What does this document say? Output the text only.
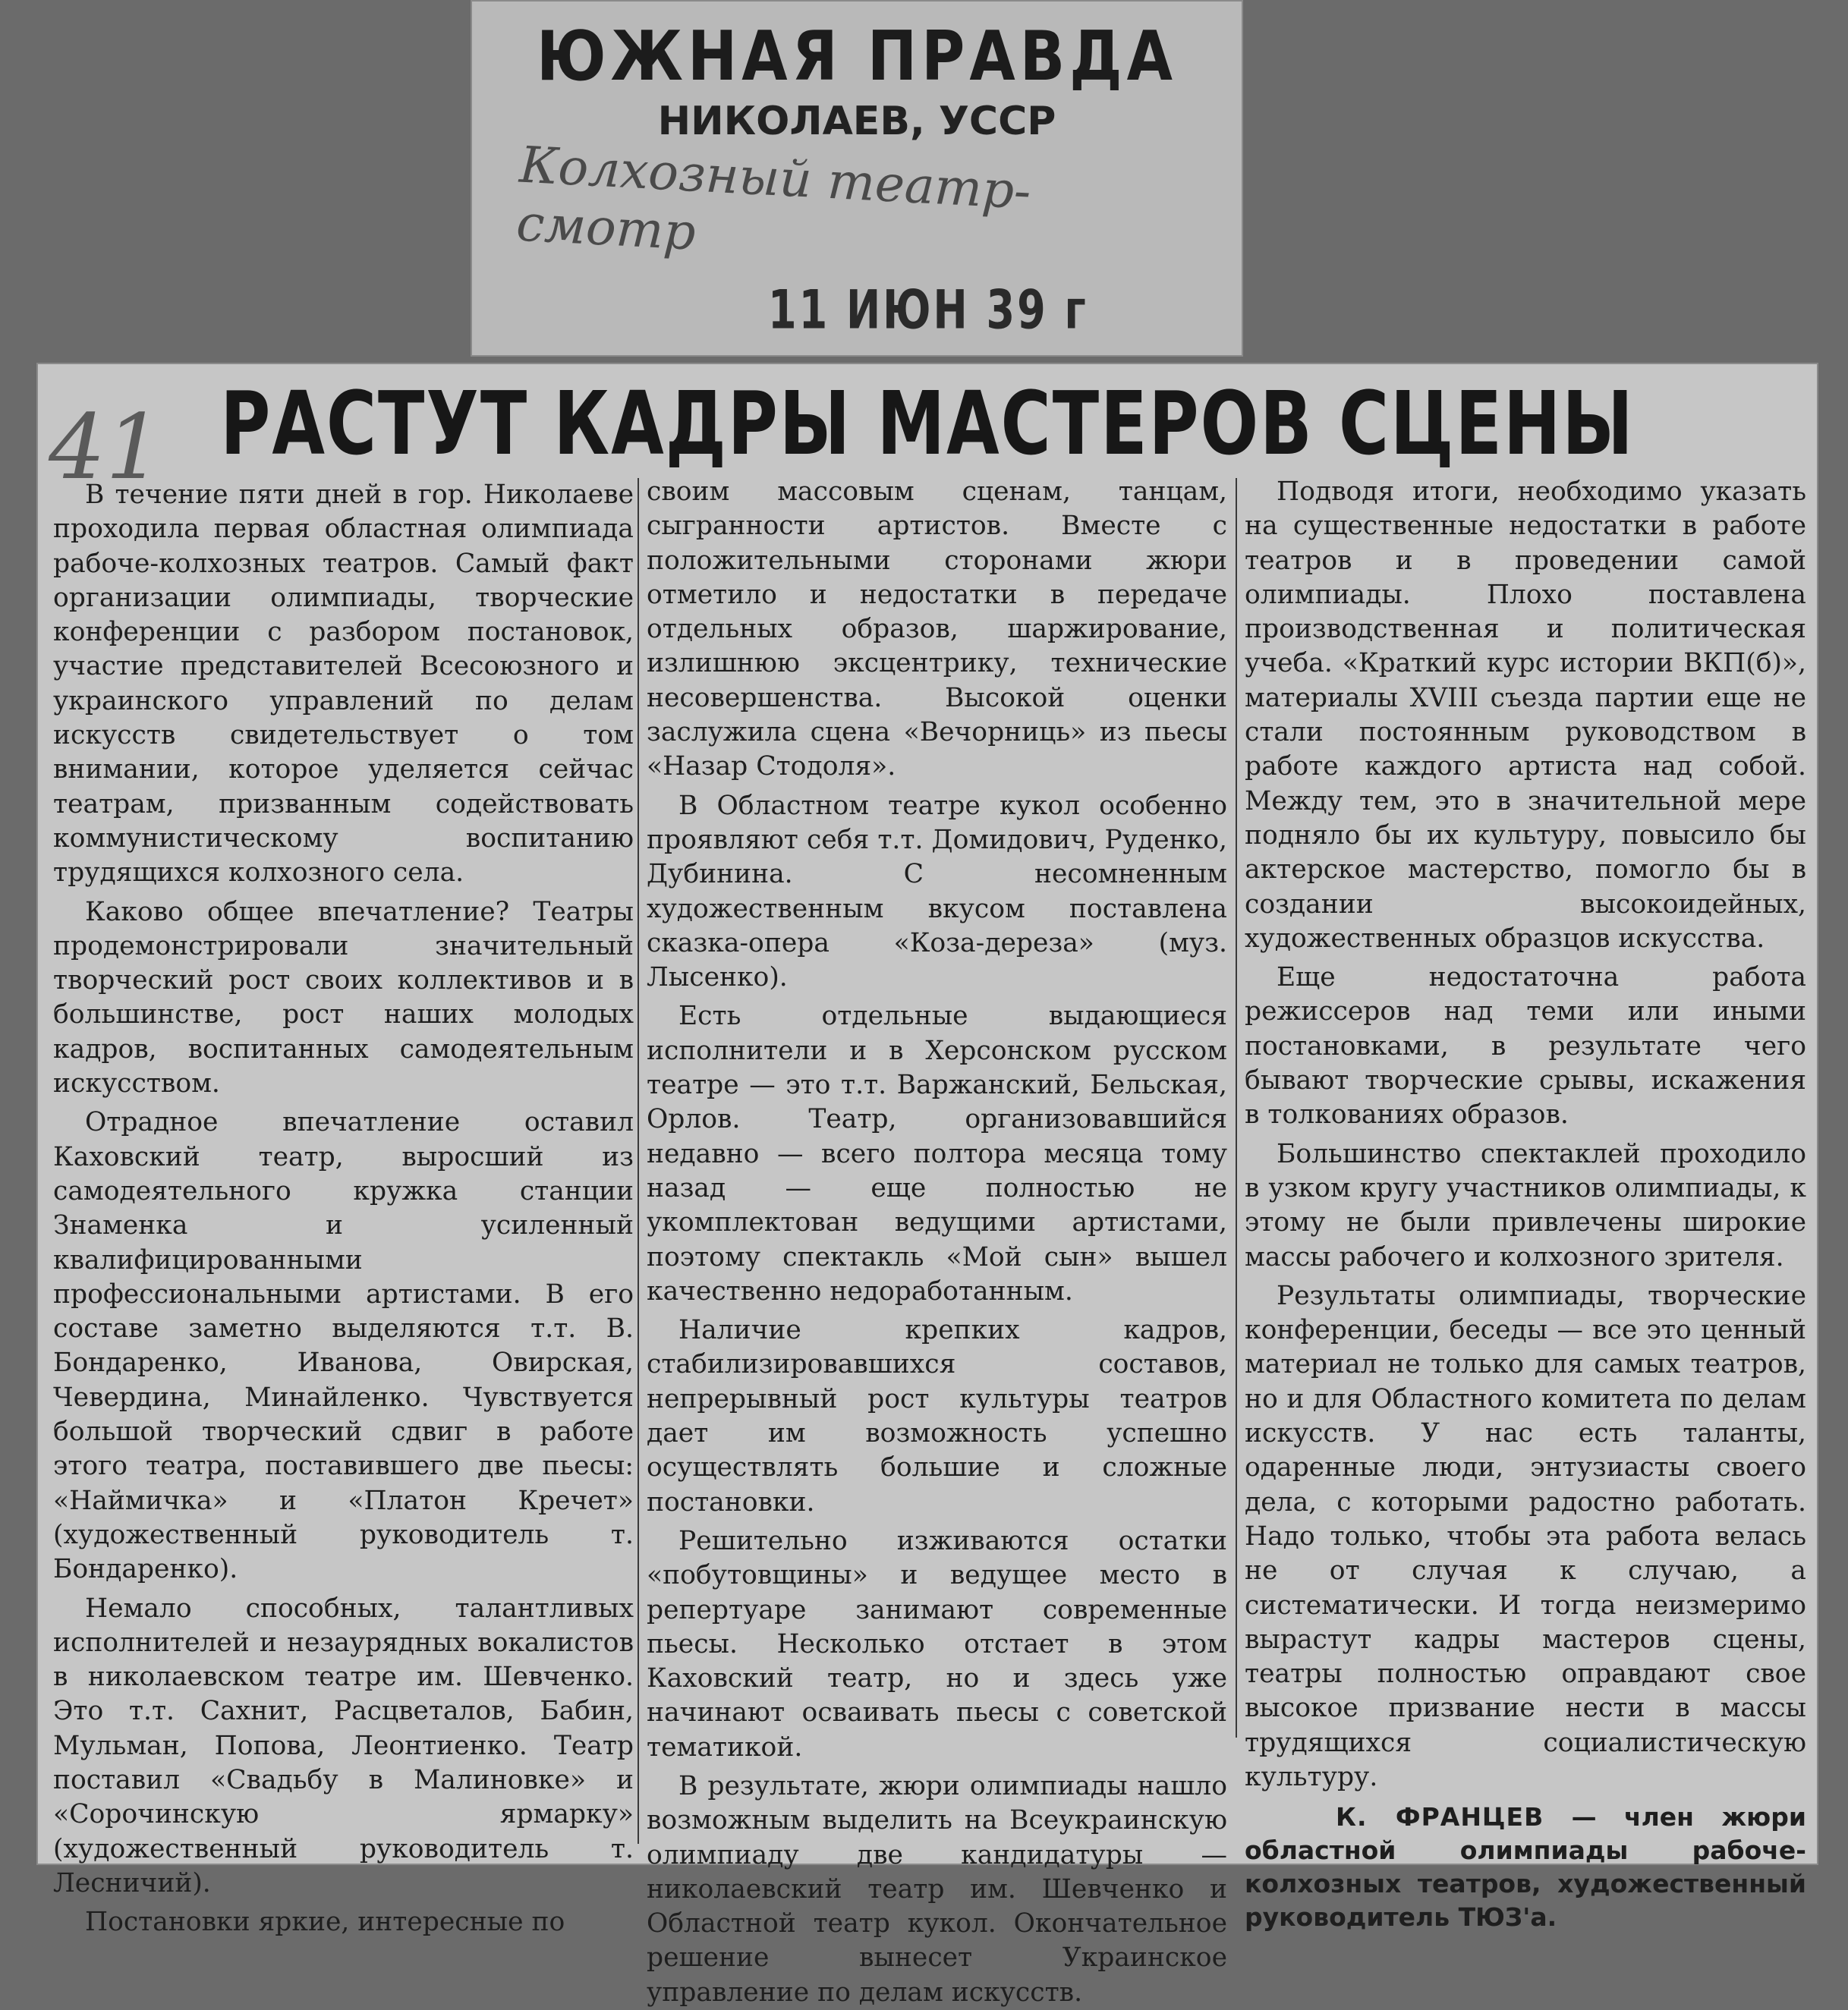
ЮЖНАЯ ПРАВДА
НИКОЛАЕВ, УССР
Колхозный театр-смотр
11 ИЮН 39 г
41 РАСТУТ КАДРЫ МАСТЕРОВ СЦЕНЫ

В течение пяти дней в гор. Николаеве проходила первая областная олимпиада рабоче-колхозных театров. Самый факт организации олимпиады, творческие конференции с разбором постановок, участие представителей Всесоюзного и украинского управлений по делам искусств свидетельствует о том внимании, которое уделяется сейчас театрам, призванным содействовать коммунистическому воспитанию трудящихся колхозного села.

Каково общее впечатление? Театры продемонстрировали значительный творческий рост своих коллективов и в большинстве, рост наших молодых кадров, воспитанных самодеятельным искусством.

Отрадное впечатление оставил Каховский театр, выросший из самодеятельного кружка станции Знаменка и усиленный квалифицированными профессиональными артистами. В его составе заметно выделяются т.т. В. Бондаренко, Иванова, Овирская, Чевердина, Минайленко. Чувствуется большой творческий сдвиг в работе этого театра, поставившего две пьесы: «Наймичка» и «Платон Кречет» (художественный руководитель т. Бондаренко).

Немало способных, талантливых исполнителей и незаурядных вокалистов в николаевском театре им. Шевченко. Это т.т. Сахнит, Расцветалов, Бабин, Мульман, Попова, Леонтиенко. Театр поставил «Свадьбу в Малиновке» и «Сорочинскую ярмарку» (художественный руководитель т. Лесничий).

Постановки яркие, интересные по

своим массовым сценам, танцам, сыгранности артистов. Вместе с положительными сторонами жюри отметило и недостатки в передаче отдельных образов, шаржирование, излишнюю эксцентрику, технические несовершенства. Высокой оценки заслужила сцена «Вечорниць» из пьесы «Назар Стодоля».

В Областном театре кукол особенно проявляют себя т.т. Домидович, Руденко, Дубинина. С несомненным художественным вкусом поставлена сказка-опера «Коза-дереза» (муз. Лысенко).

Есть отдельные выдающиеся исполнители и в Херсонском русском театре — это т.т. Варжанский, Бельская, Орлов. Театр, организовавшийся недавно — всего полтора месяца тому назад — еще полностью не укомплектован ведущими артистами, поэтому спектакль «Мой сын» вышел качественно недоработанным.

Наличие крепких кадров, стабилизировавшихся составов, непрерывный рост культуры театров дает им возможность успешно осуществлять большие и сложные постановки.

Решительно изживаются остатки «побутовщины» и ведущее место в репертуаре занимают современные пьесы. Несколько отстает в этом Каховский театр, но и здесь уже начинают осваивать пьесы с советской тематикой.

В результате, жюри олимпиады нашло возможным выделить на Всеукраинскую олимпиаду две кандидатуры — николаевский театр им. Шевченко и Областной театр кукол. Окончательное решение вынесет Украинское управление по делам искусств.

Подводя итоги, необходимо указать на существенные недостатки в работе театров и в проведении самой олимпиады. Плохо поставлена производственная и политическая учеба. «Краткий курс истории ВКП(б)», материалы XVIII съезда партии еще не стали постоянным руководством в работе каждого артиста над собой. Между тем, это в значительной мере подняло бы их культуру, повысило бы актерское мастерство, помогло бы в создании высокоидейных, художественных образцов искусства.

Еще недостаточна работа режиссеров над теми или иными постановками, в результате чего бывают творческие срывы, искажения в толкованиях образов.

Большинство спектаклей проходило в узком кругу участников олимпиады, к этому не были привлечены широкие массы рабочего и колхозного зрителя.

Результаты олимпиады, творческие конференции, беседы — все это ценный материал не только для самых театров, но и для Областного комитета по делам искусств. У нас есть таланты, одаренные люди, энтузиасты своего дела, с которыми радостно работать. Надо только, чтобы эта работа велась не от случая к случаю, а систематически. И тогда неизмеримо вырастут кадры мастеров сцены, театры полностью оправдают свое высокое призвание нести в массы трудящихся социалистическую культуру.

К. ФРАНЦЕВ — член жюри областной олимпиады рабоче-колхозных театров, художественный руководитель ТЮЗ'а.
